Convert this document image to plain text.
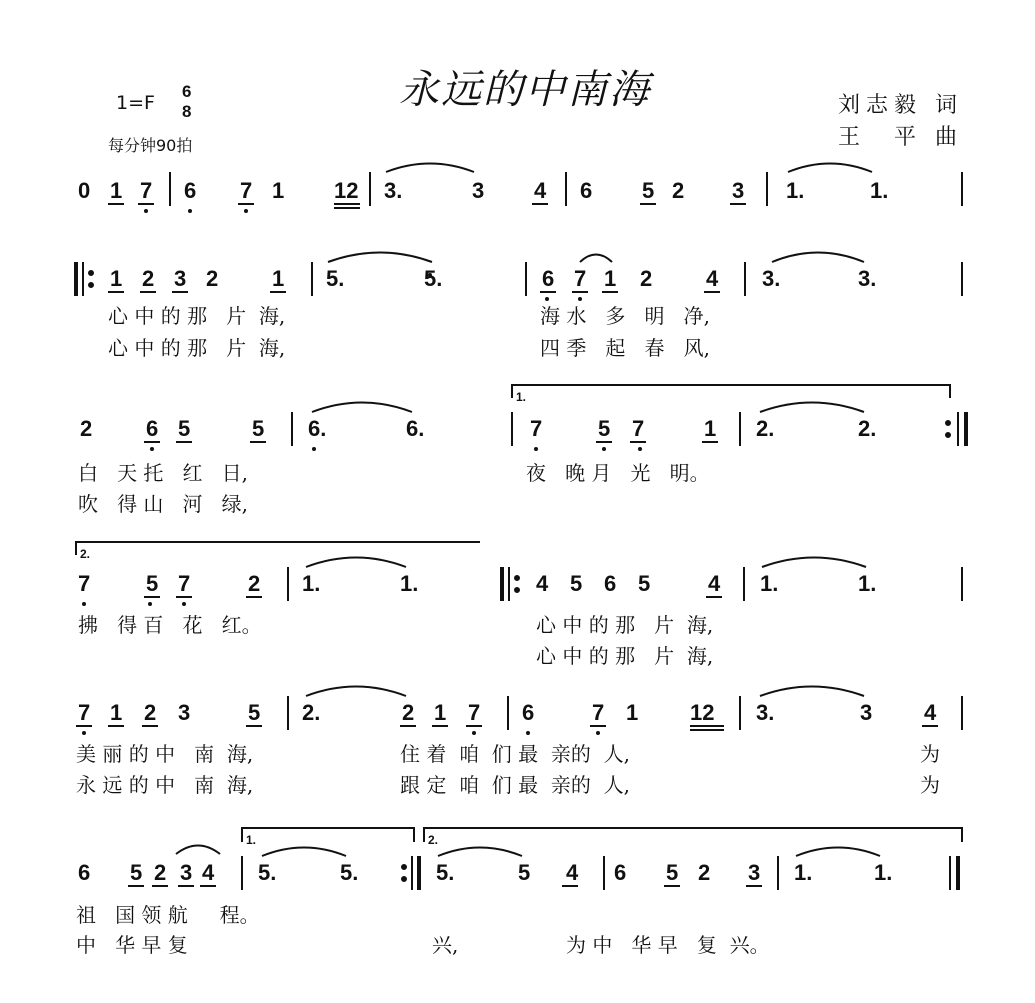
永远的中南海
1=F
6
8
每分钟90拍
刘志毅 词
王　平 曲
0 1 7 6 7 1 12 3.	3 4 6 5 2 3 1.	1.
1 2 3 2 1 5.	5.	6 7 1 2 4 3.	3.
心 中 的 那   片  海,
心 中 的 那   片  海,
海 水   多   明   净,
四 季   起   春   风,
2 6 5	5 6.	6.	7	5 7	1 2.	2.
1.
白   天 托   红   日,
吹   得 山   河   绿,
夜   晚 月   光   明。
2.
7	5 7	2 1.	1.	4 5 6 5	4 1.	1.
拂   得 百   花   红。	心 中 的 那   片  海,
心 中 的 那   片  海,
7 1 2 3	5 2.	2 1 7 6	7 1 12 3.	3 4
美 丽 的 中   南  海,
永 远 的 中   南  海,
住 着  咱  们 最  亲的  人,
跟 定  咱  们 最  亲的  人,
为
为
1.	2.
6 5 2 3 4 5.	5.	5.	5 4 6 5 2 3 1.	1.
祖   国 领 航     程。
中   华 早 复	兴,	为 中   华 早   复  兴。
